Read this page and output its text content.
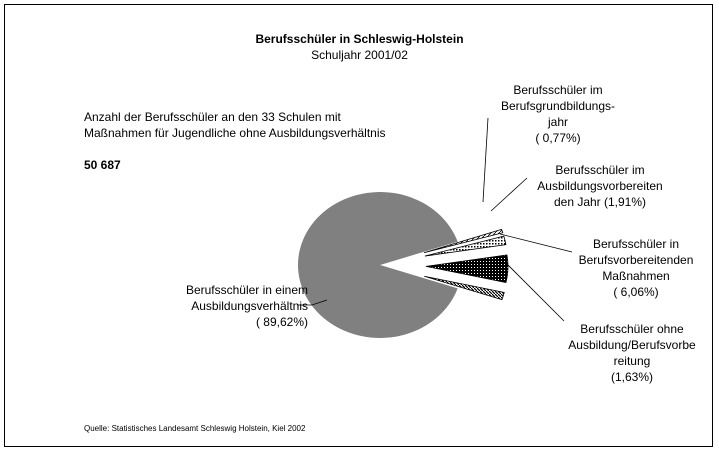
Berufsschüler in Schleswig-Holstein
Schuljahr 2001/02

Anzahl der Berufsschüler an den 33 Schulen mit
Maßnahmen für Jugendliche ohne Ausbildungsverhältnis

50 687

Berufsschüler in einem
Ausbildungsverhältnis
( 89,62%)
Berufsschüler im
Berufsgrundbildungs-
jahr
( 0,77%)
Berufsschüler im
Ausbildungsvorbereiten
den Jahr (1,91%)
Berufsschüler in
Berufsvorbereitenden
Maßnahmen
( 6,06%)
Berufsschüler ohne
Ausbildung/Berufsvorbe
reitung
(1,63%)
Quelle: Statistisches Landesamt Schleswig Holstein, Kiel 2002
